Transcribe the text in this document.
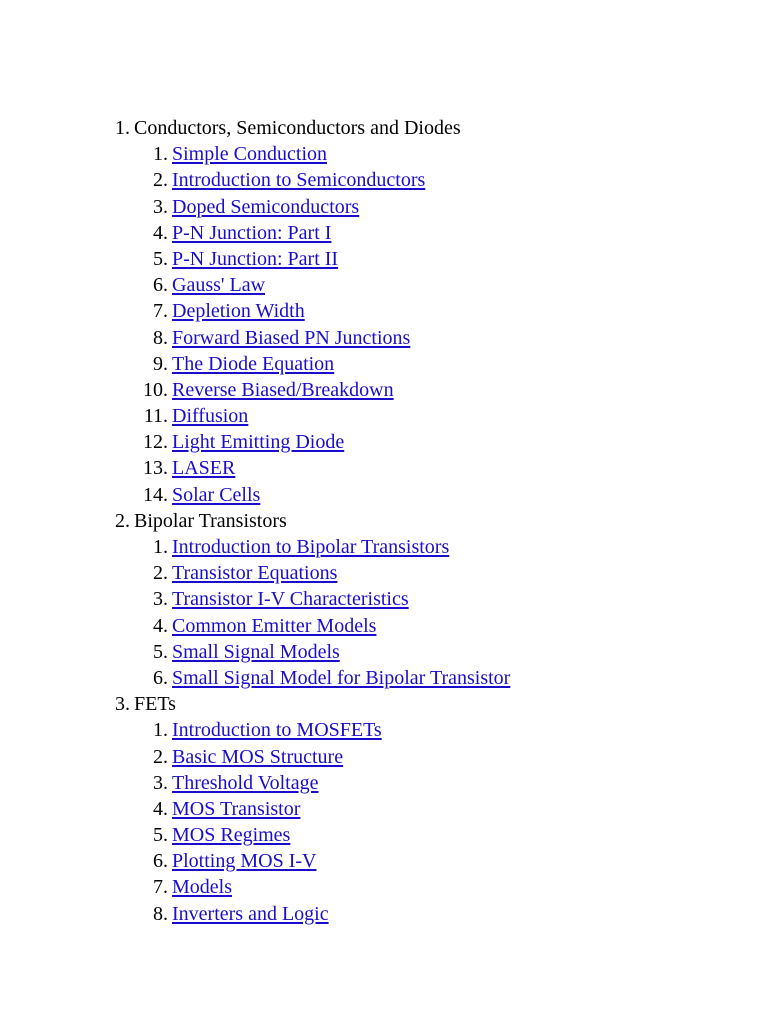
1. Conductors, Semiconductors and Diodes
1. Simple Conduction
2. Introduction to Semiconductors
3. Doped Semiconductors
4. P-N Junction: Part I
5. P-N Junction: Part II
6. Gauss' Law
7. Depletion Width
8. Forward Biased PN Junctions
9. The Diode Equation
10. Reverse Biased/Breakdown
11. Diffusion
12. Light Emitting Diode
13. LASER
14. Solar Cells
2. Bipolar Transistors
1. Introduction to Bipolar Transistors
2. Transistor Equations
3. Transistor I-V Characteristics
4. Common Emitter Models
5. Small Signal Models
6. Small Signal Model for Bipolar Transistor
3. FETs
1. Introduction to MOSFETs
2. Basic MOS Structure
3. Threshold Voltage
4. MOS Transistor
5. MOS Regimes
6. Plotting MOS I-V
7. Models
8. Inverters and Logic
